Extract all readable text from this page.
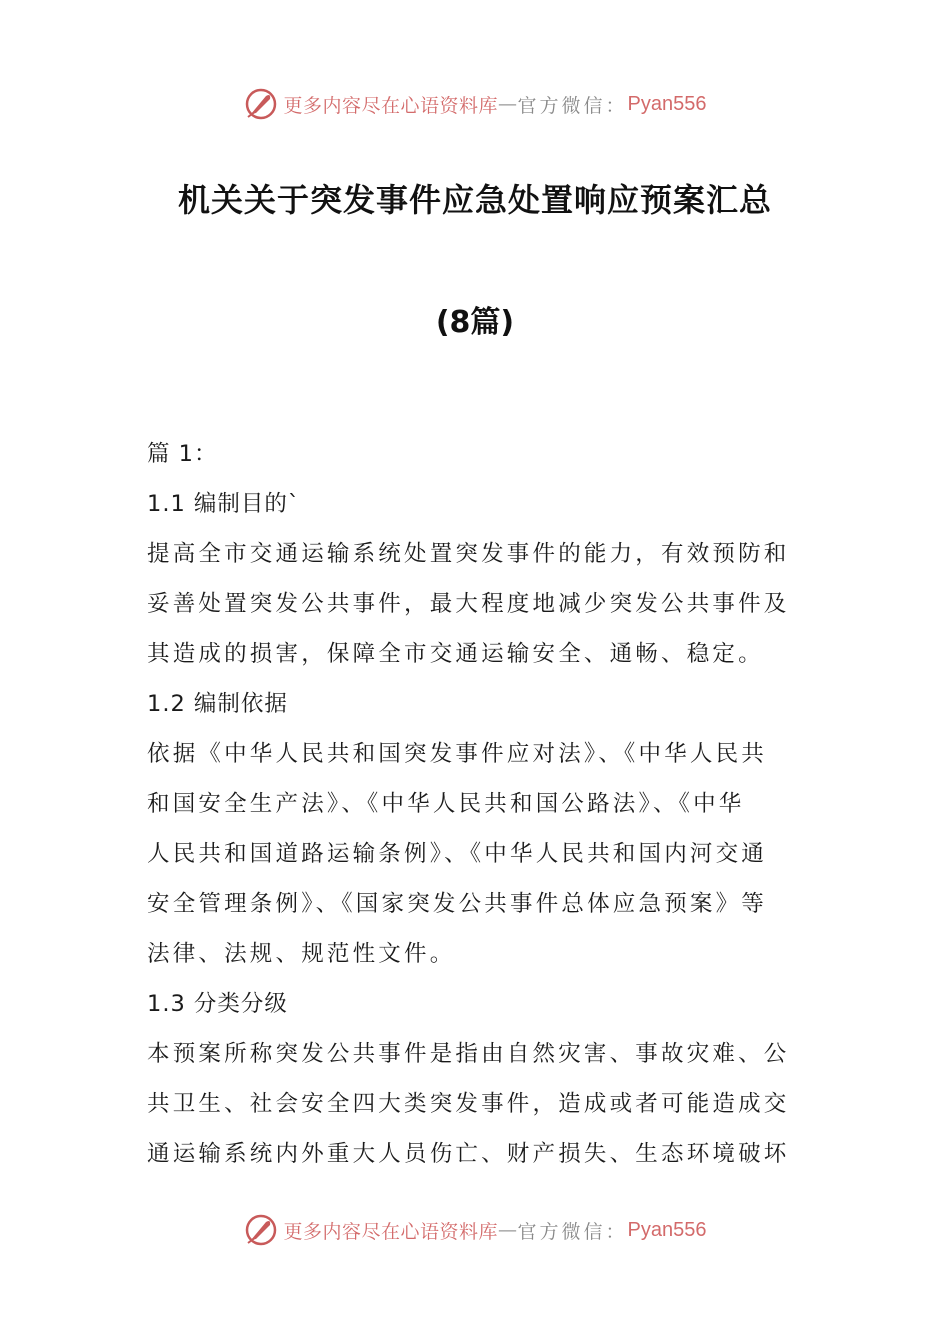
更多内容尽在心语资料库 — 官方微信： Pyan556
机关关于突发事件应急处置响应预案汇总
(8篇)
篇 1：
1.1 编制目的`
提高全市交通运输系统处置突发事件的能力，有效预防和
妥善处置突发公共事件，最大程度地减少突发公共事件及
其造成的损害，保障全市交通运输安全、通畅、稳定。
1.2 编制依据
依据《中华人民共和国突发事件应对法》、《中华人民共
和国安全生产法》、《中华人民共和国公路法》、《中华
人民共和国道路运输条例》、《中华人民共和国内河交通
安全管理条例》、《国家突发公共事件总体应急预案》等
法律、法规、规范性文件。
1.3 分类分级
本预案所称突发公共事件是指由自然灾害、事故灾难、公
共卫生、社会安全四大类突发事件，造成或者可能造成交
通运输系统内外重大人员伤亡、财产损失、生态环境破坏
更多内容尽在心语资料库 — 官方微信： Pyan556
